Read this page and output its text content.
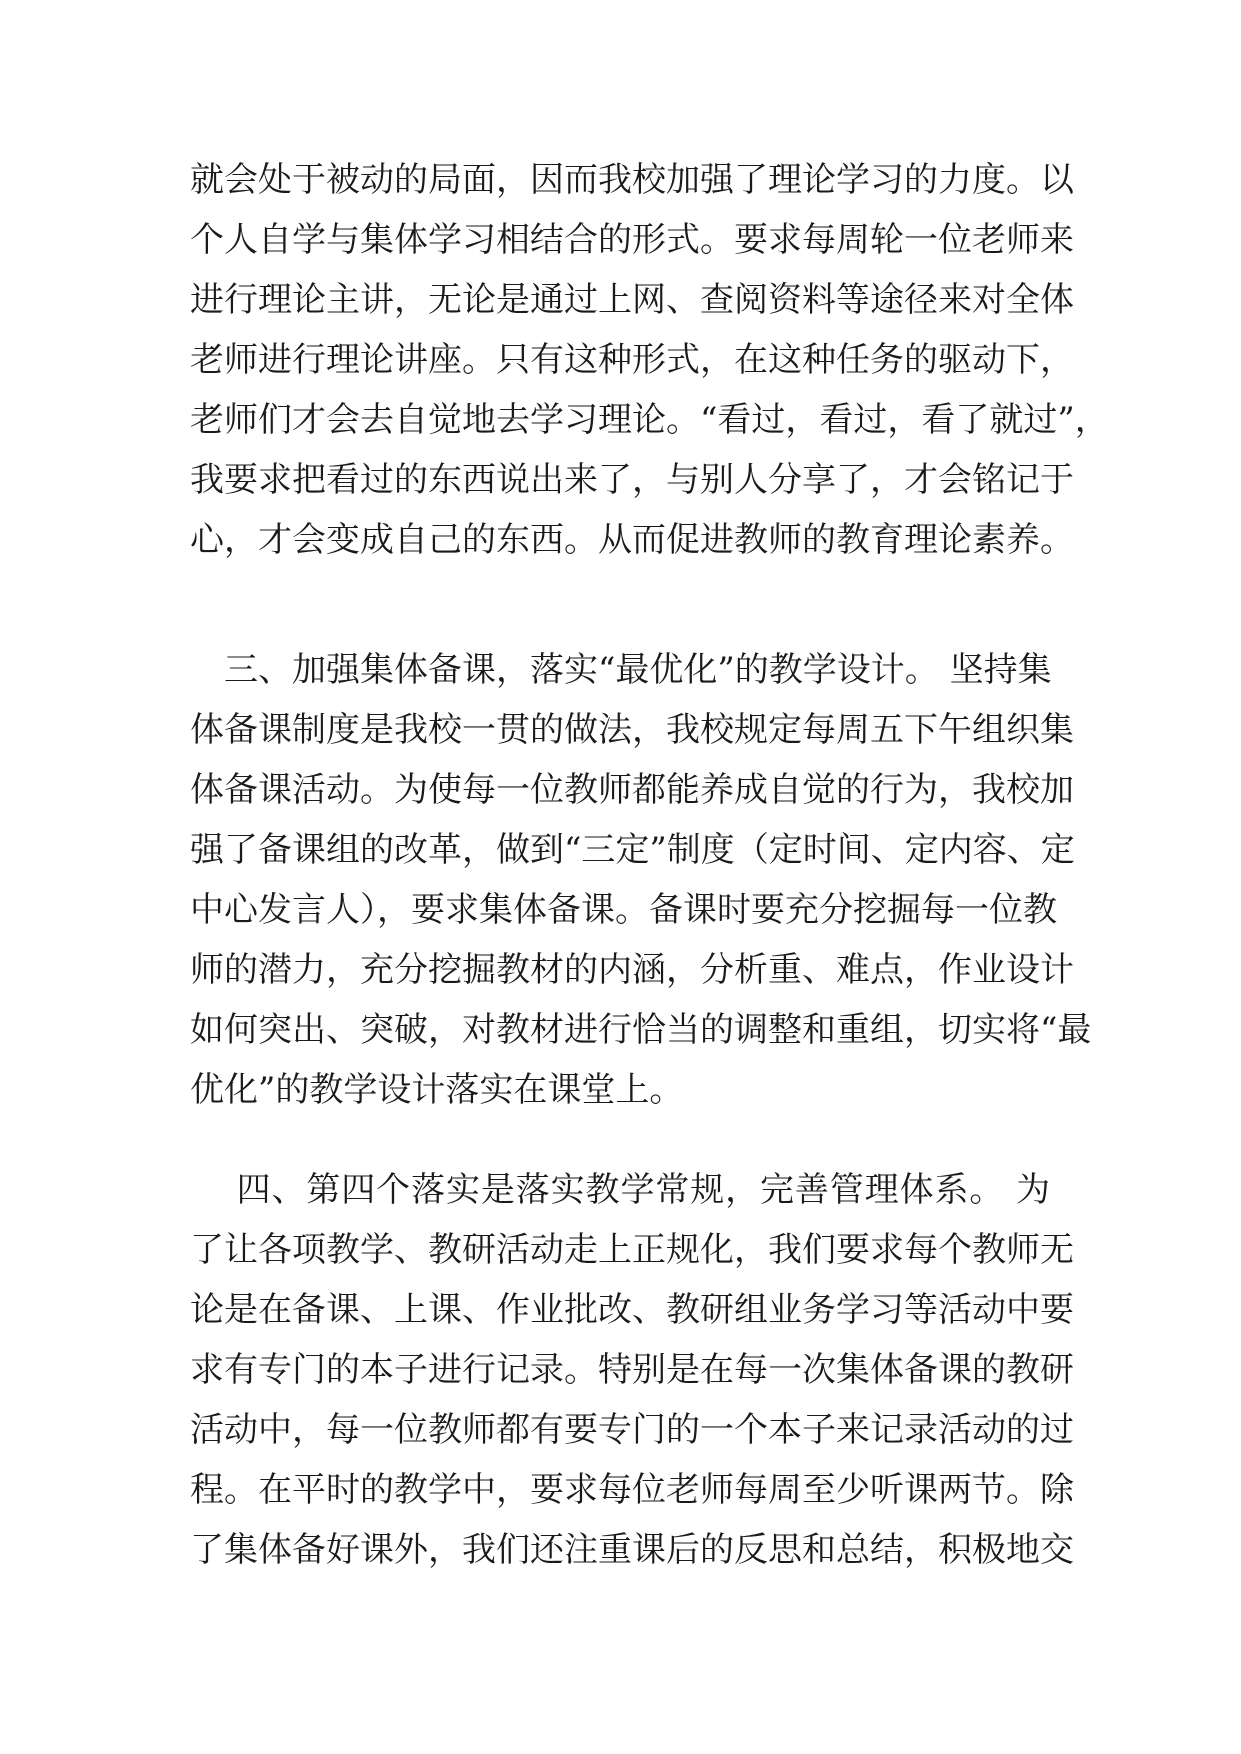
就会处于被动的局面，因而我校加强了理论学习的力度。以
个人自学与集体学习相结合的形式。要求每周轮一位老师来
进行理论主讲，无论是通过上网、查阅资料等途径来对全体
老师进行理论讲座。只有这种形式，在这种任务的驱动下，
老师们才会去自觉地去学习理论。“看过，看过，看了就过”，
我要求把看过的东西说出来了，与别人分享了，才会铭记于
心，才会变成自己的东西。从而促进教师的教育理论素养。
　三、加强集体备课，落实“最优化”的教学设计。 坚持集
体备课制度是我校一贯的做法，我校规定每周五下午组织集
体备课活动。为使每一位教师都能养成自觉的行为，我校加
强了备课组的改革，做到“三定”制度（定时间、定内容、定
中心发言人），要求集体备课。备课时要充分挖掘每一位教
师的潜力，充分挖掘教材的内涵，分析重、难点，作业设计
如何突出、突破，对教材进行恰当的调整和重组，切实将“最
优化”的教学设计落实在课堂上。
　 四、第四个落实是落实教学常规，完善管理体系。 为
了让各项教学、教研活动走上正规化，我们要求每个教师无
论是在备课、上课、作业批改、教研组业务学习等活动中要
求有专门的本子进行记录。特别是在每一次集体备课的教研
活动中，每一位教师都有要专门的一个本子来记录活动的过
程。在平时的教学中，要求每位老师每周至少听课两节。除
了集体备好课外，我们还注重课后的反思和总结，积极地交
